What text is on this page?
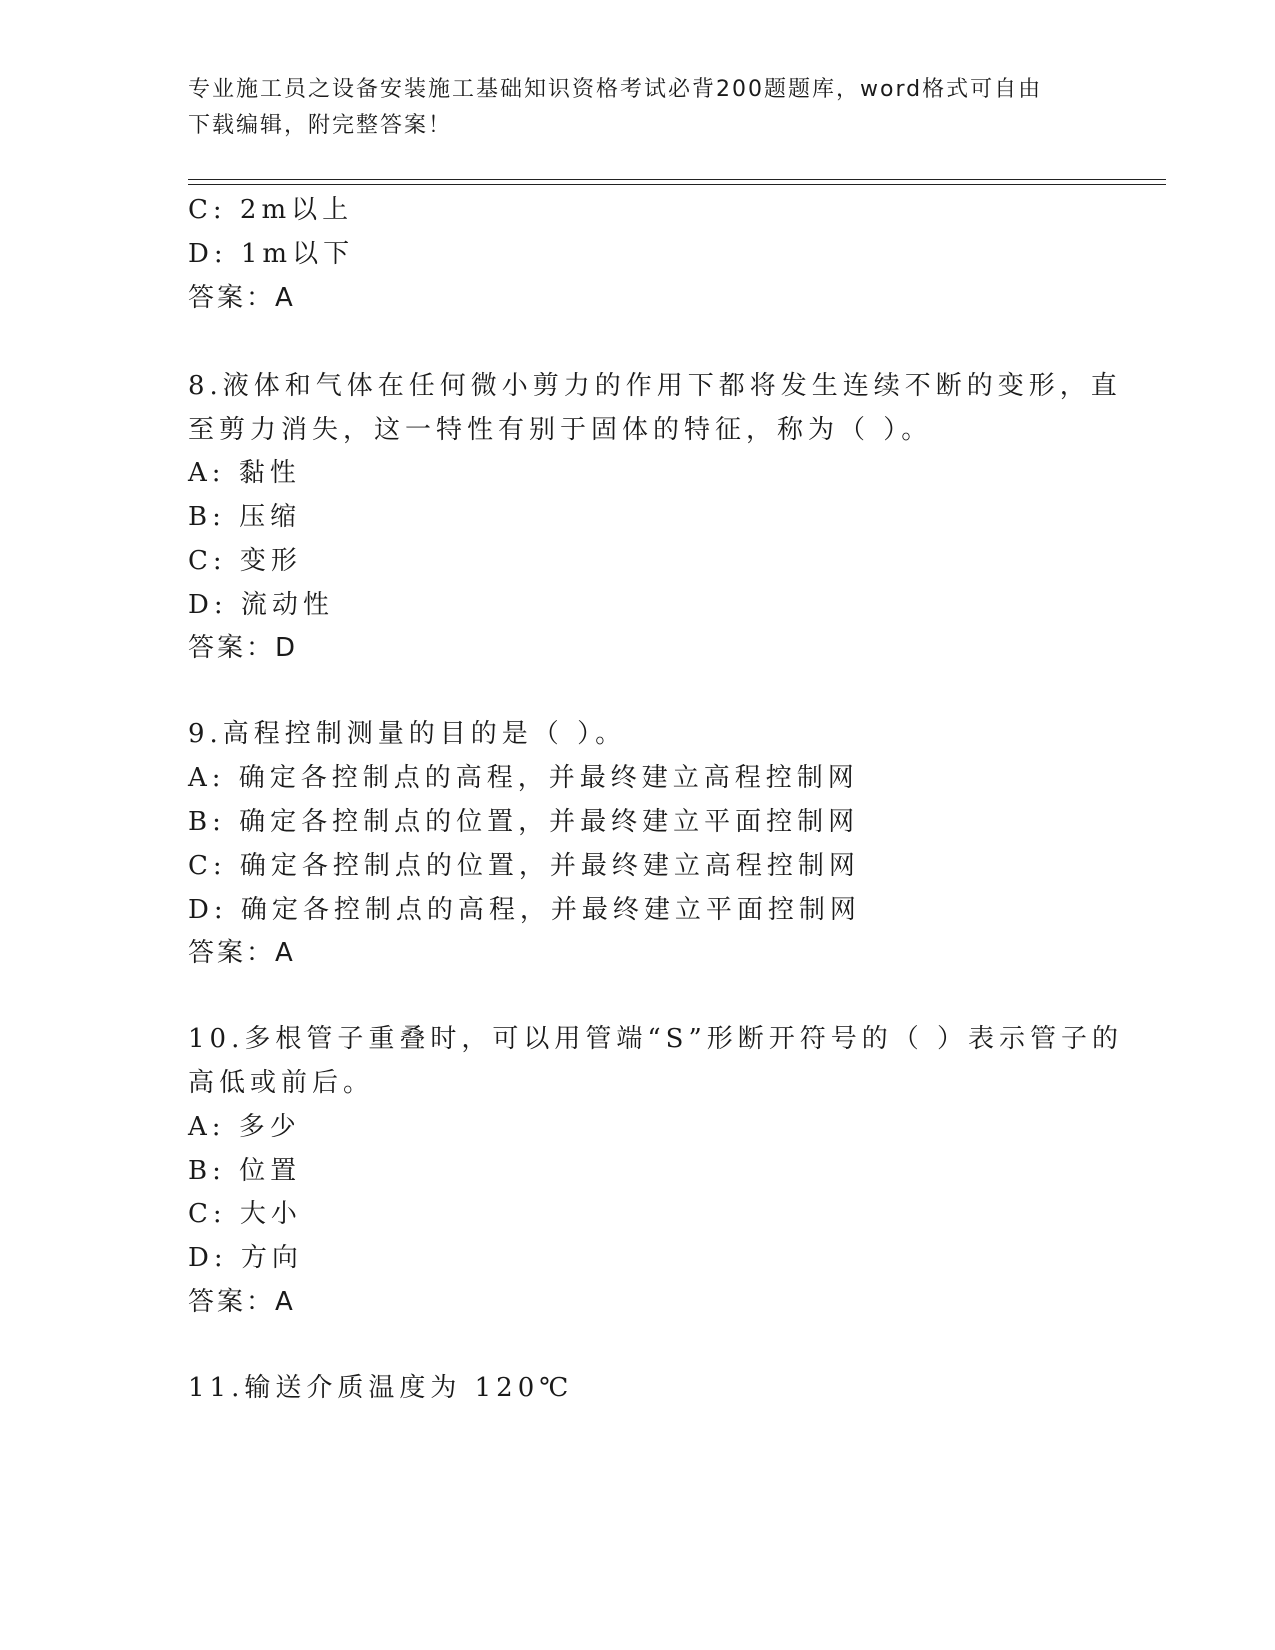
专业施工员之设备安装施工基础知识资格考试必背200题题库，word格式可自由
下载编辑，附完整答案！
C: 2m以上
D: 1m以下
答案：A
8.液体和气体在任何微小剪力的作用下都将发生连续不断的变形，直
至剪力消失，这一特性有别于固体的特征，称为（ ）。
A: 黏性
B: 压缩
C: 变形
D: 流动性
答案：D
9.高程控制测量的目的是（ ）。
A: 确定各控制点的高程，并最终建立高程控制网
B: 确定各控制点的位置，并最终建立平面控制网
C: 确定各控制点的位置，并最终建立高程控制网
D: 确定各控制点的高程，并最终建立平面控制网
答案：A
10.多根管子重叠时，可以用管端“S”形断开符号的（ ）表示管子的
高低或前后。
A: 多少
B: 位置
C: 大小
D: 方向
答案：A
11.输送介质温度为 120℃
